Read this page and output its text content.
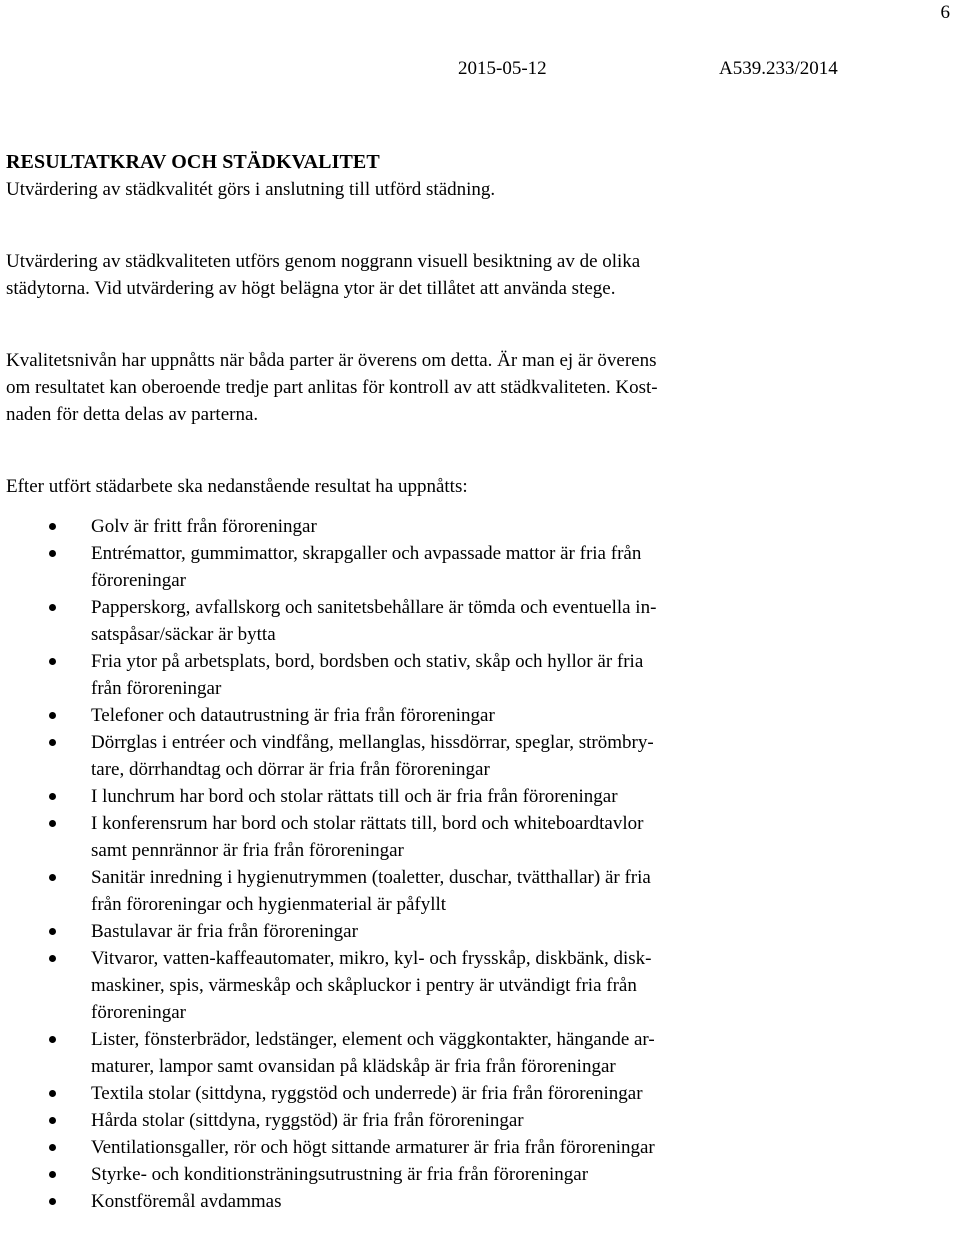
6
2015-05-12	A539.233/2014
RESULTATKRAV OCH STÄDKVALITET

Utvärdering av städkvalitét görs i anslutning till utförd städning.

Utvärdering av städkvaliteten utförs genom noggrann visuell besiktning av de olika

städytorna. Vid utvärdering av högt belägna ytor är det tillåtet att använda stege.

Kvalitetsnivån har uppnåtts när båda parter är överens om detta. Är man ej är överens

om resultatet kan oberoende tredje part anlitas för kontroll av att städkvaliteten. Kost-

naden för detta delas av parterna.

Efter utfört städarbete ska nedanstående resultat ha uppnåtts:

Golv är fritt från föroreningar
Entrémattor, gummimattor, skrapgaller och avpassade mattor är fria från
föroreningar
Papperskorg, avfallskorg och sanitetsbehållare är tömda och eventuella in-
satspåsar/säckar är bytta
Fria ytor på arbetsplats, bord, bordsben och stativ, skåp och hyllor är fria
från föroreningar
Telefoner och datautrustning är fria från föroreningar
Dörrglas i entréer och vindfång, mellanglas, hissdörrar, speglar, strömbry-
tare, dörrhandtag och dörrar är fria från föroreningar
I lunchrum har bord och stolar rättats till och är fria från föroreningar
I konferensrum har bord och stolar rättats till, bord och whiteboardtavlor
samt pennrännor är fria från föroreningar
Sanitär inredning i hygienutrymmen (toaletter, duschar, tvätthallar) är fria
från föroreningar och hygienmaterial är påfyllt
Bastulavar är fria från föroreningar
Vitvaror, vatten-kaffeautomater, mikro, kyl- och frysskåp, diskbänk, disk-
maskiner, spis, värmeskåp och skåpluckor i pentry är utvändigt fria från
föroreningar
Lister, fönsterbrädor, ledstänger, element och väggkontakter, hängande ar-
maturer, lampor samt ovansidan på klädskåp är fria från föroreningar
Textila stolar (sittdyna, ryggstöd och underrede) är fria från föroreningar
Hårda stolar (sittdyna, ryggstöd) är fria från föroreningar
Ventilationsgaller, rör och högt sittande armaturer är fria från föroreningar
Styrke- och konditionsträningsutrustning är fria från föroreningar
Konstföremål avdammas
